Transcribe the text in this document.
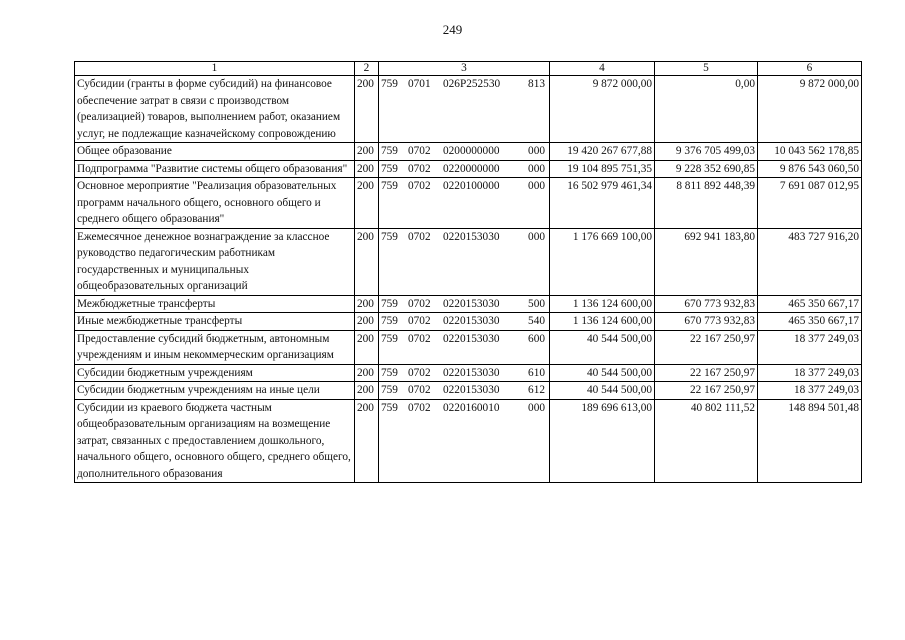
249
1	2	3	4	5	6
Субсидии (гранты в форме субсидий) на финансовое обеспечение затрат в связи с производством (реализацией) товаров, выполнением работ, оказанием услуг, не подлежащие казначейскому сопровождению	200	759 0701 026Р252530 813	9 872 000,00	0,00	9 872 000,00
Общее образование	200	759 0702 0200000000 000	19 420 267 677,88	9 376 705 499,03	10 043 562 178,85
Подпрограмма "Развитие системы общего образования"	200	759 0702 0220000000 000	19 104 895 751,35	9 228 352 690,85	9 876 543 060,50
Основное мероприятие "Реализация образовательных программ начального общего, основного общего и среднего общего образования"	200	759 0702 0220100000 000	16 502 979 461,34	8 811 892 448,39	7 691 087 012,95
Ежемесячное денежное вознаграждение за классное руководство педагогическим работникам государственных и муниципальных общеобразовательных организаций	200	759 0702 0220153030 000	1 176 669 100,00	692 941 183,80	483 727 916,20
Межбюджетные трансферты	200	759 0702 0220153030 500	1 136 124 600,00	670 773 932,83	465 350 667,17
Иные межбюджетные трансферты	200	759 0702 0220153030 540	1 136 124 600,00	670 773 932,83	465 350 667,17
Предоставление субсидий бюджетным, автономным учреждениям и иным некоммерческим организациям	200	759 0702 0220153030 600	40 544 500,00	22 167 250,97	18 377 249,03
Субсидии бюджетным учреждениям	200	759 0702 0220153030 610	40 544 500,00	22 167 250,97	18 377 249,03
Субсидии бюджетным учреждениям на иные цели	200	759 0702 0220153030 612	40 544 500,00	22 167 250,97	18 377 249,03
Субсидии из краевого бюджета частным общеобразовательным организациям на возмещение затрат, связанных с предоставлением дошкольного, начального общего, основного общего, среднего общего, дополнительного образования	200	759 0702 0220160010 000	189 696 613,00	40 802 111,52	148 894 501,48
